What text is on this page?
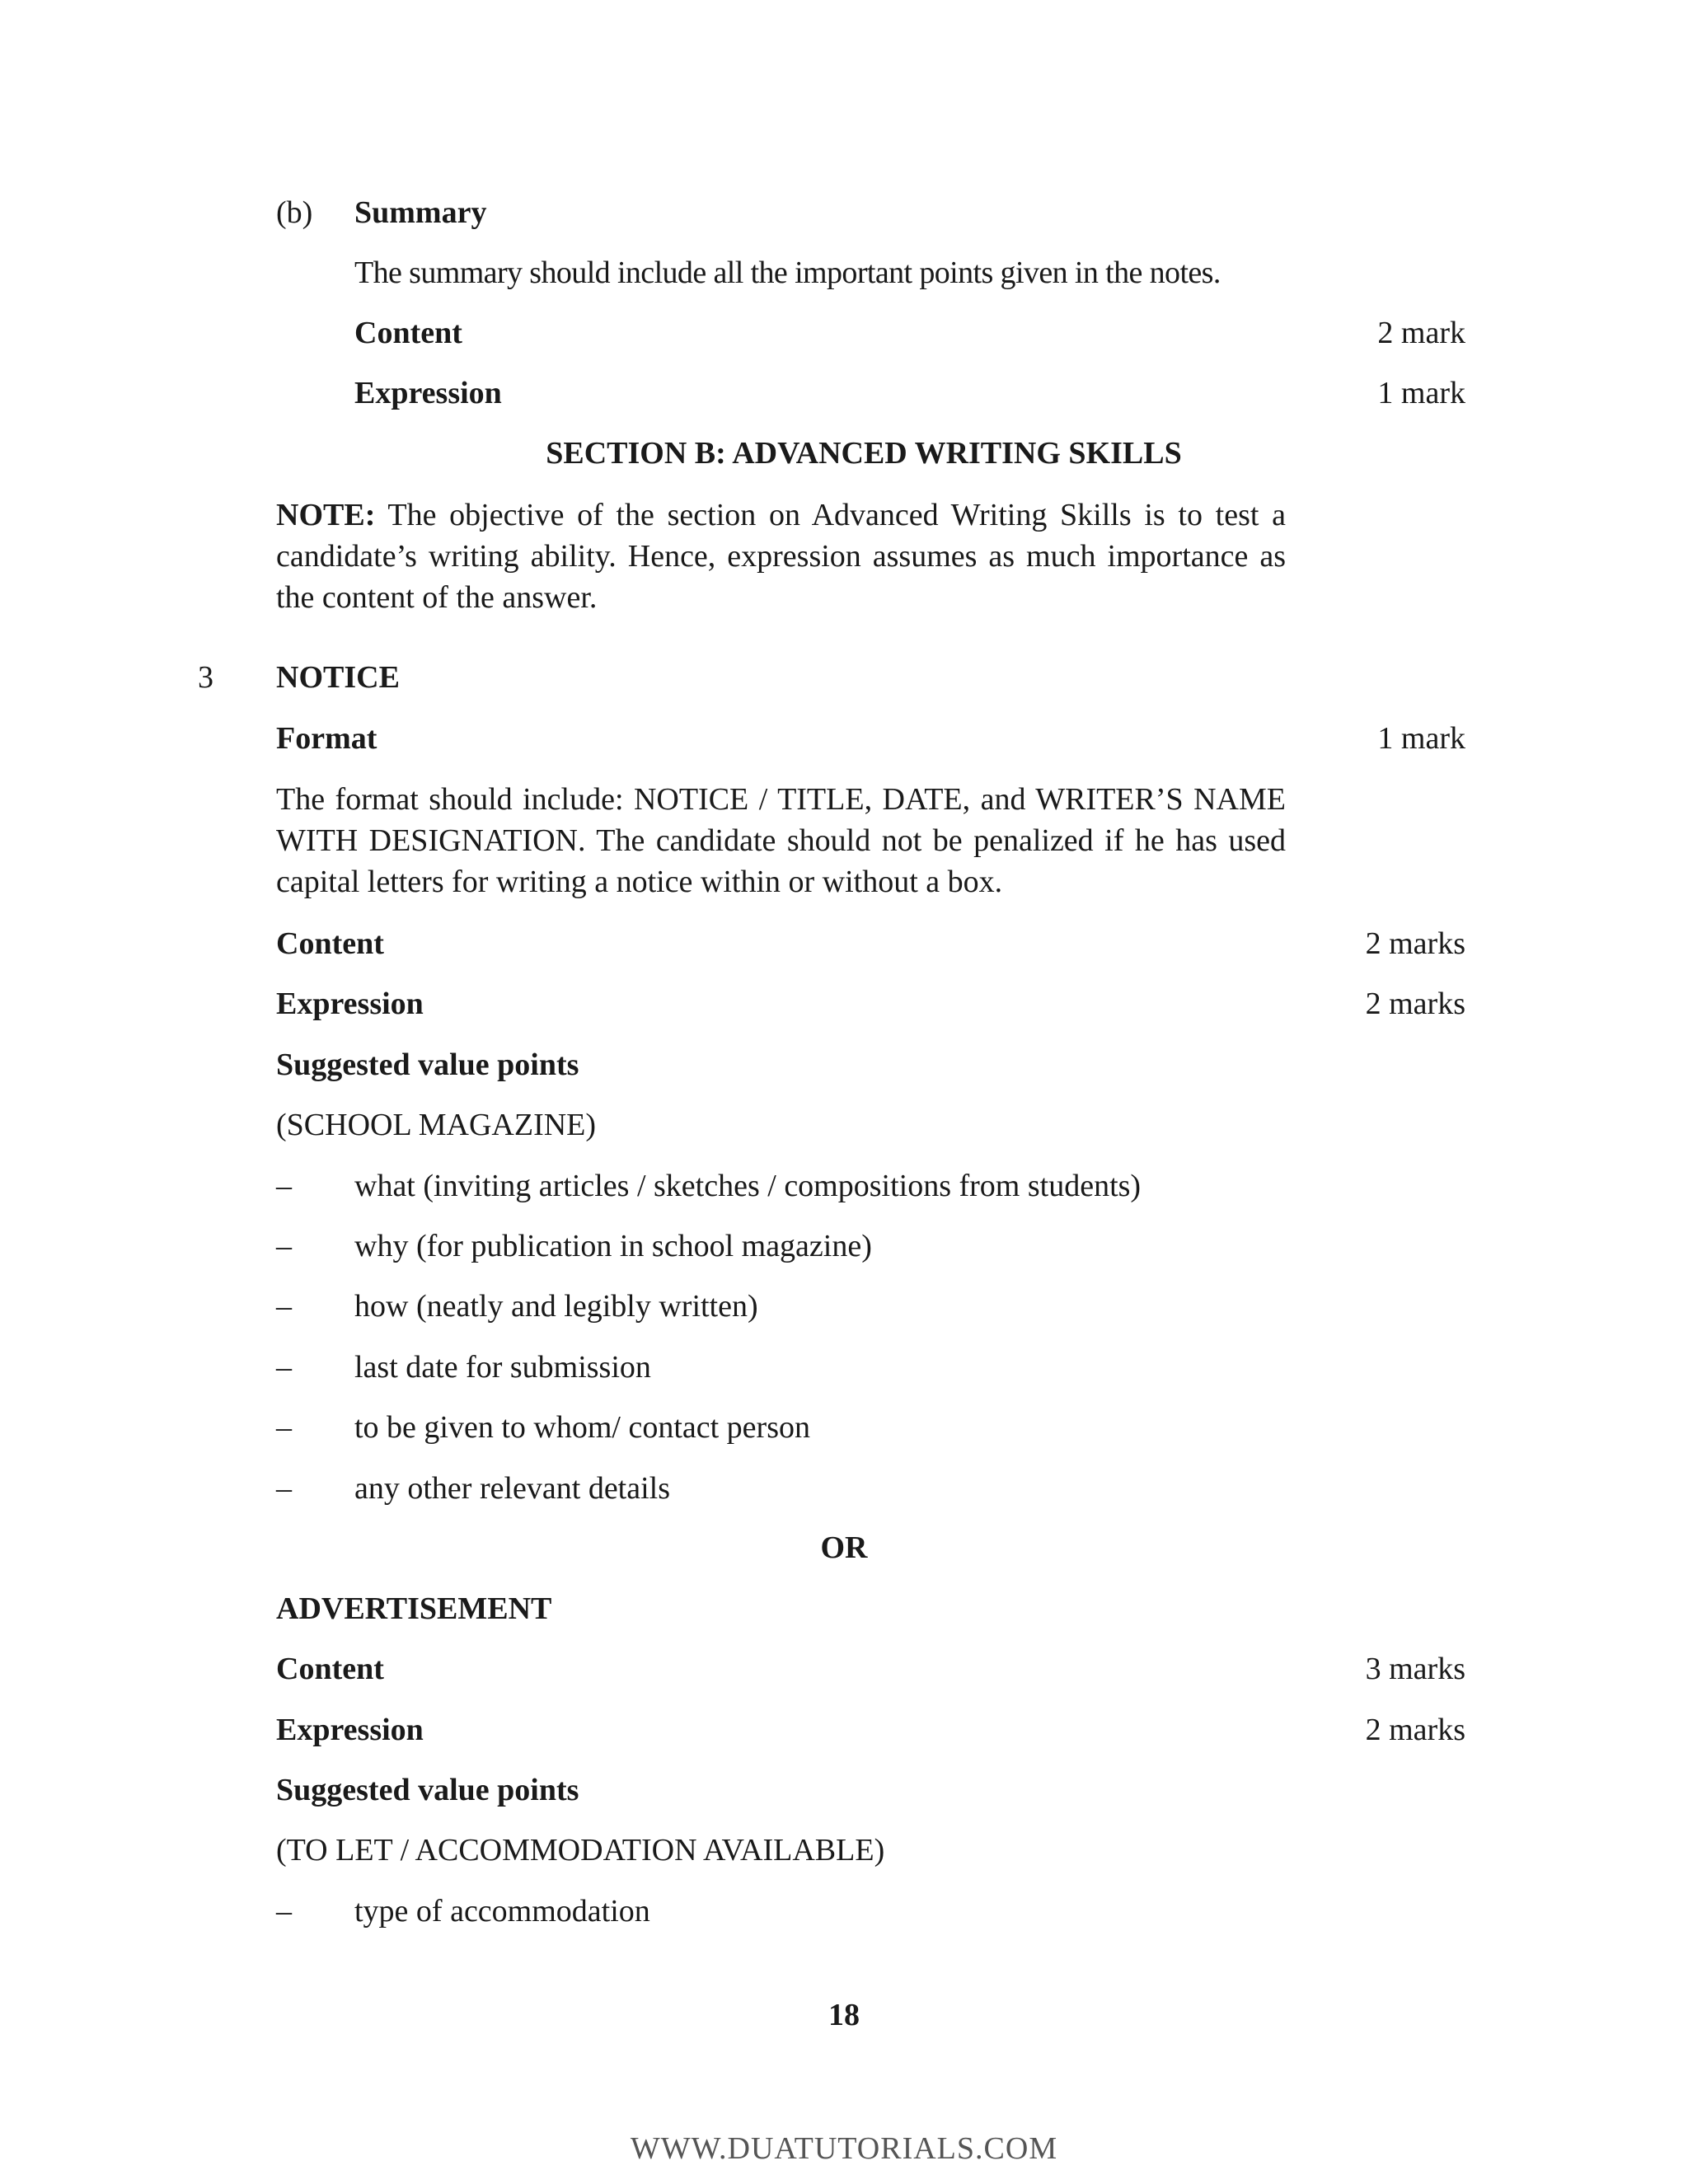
(b) Summary
The summary should include all the important points given in the notes.
Content	2 mark
Expression	1 mark
SECTION B: ADVANCED WRITING SKILLS

NOTE: The objective of the section on Advanced Writing Skills is to test a candidate’s writing ability. Hence, expression assumes as much importance as the content of the answer.

3 NOTICE
Format	1 mark

The format should include: NOTICE / TITLE, DATE, and WRITER’S NAME WITH DESIGNATION. The candidate should not be penalized if he has used capital letters for writing a notice within or without a box.

Content	2 marks
Expression	2 marks
Suggested value points
(SCHOOL MAGAZINE)
– what (inviting articles / sketches / compositions from students)
– why (for publication in school magazine)
– how (neatly and legibly written)
– last date for submission
– to be given to whom/ contact person
– any other relevant details
OR
ADVERTISEMENT
Content	3 marks
Expression	2 marks
Suggested value points
(TO LET / ACCOMMODATION AVAILABLE)
– type of accommodation
18
WWW.DUATUTORIALS.COM
